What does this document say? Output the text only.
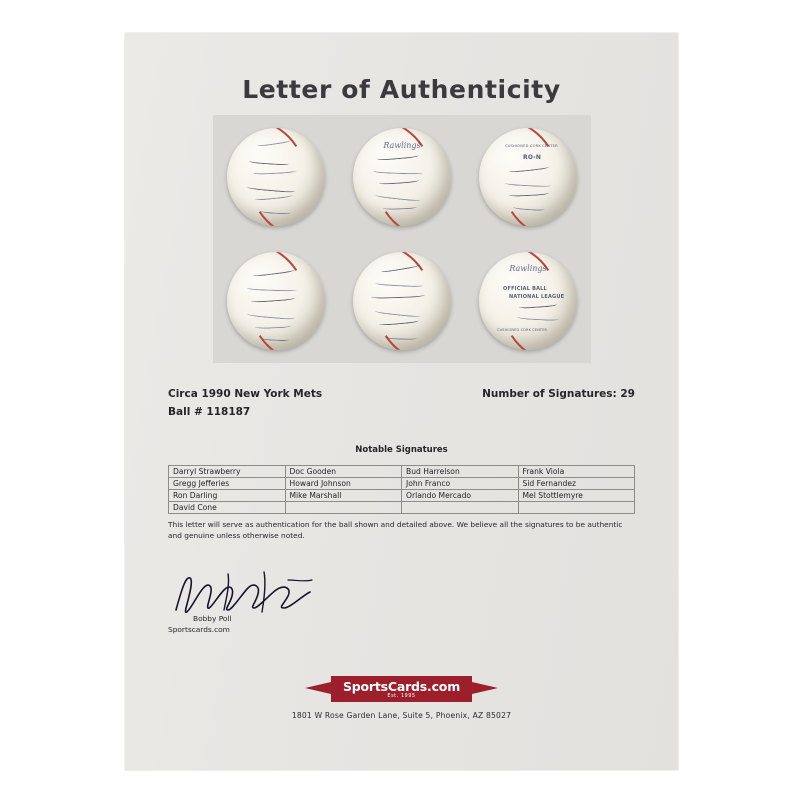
Letter of Authenticity
Rawlings	CUSHIONED CORK CENTER
RO-N
Rawlings
OFFICIAL BALL
NATIONAL LEAGUE
CUSHIONED CORK CENTER
Circa 1990 New York Mets	Number of Signatures: 29
Ball # 118187
Notable Signatures
Darryl Strawberry	Doc Gooden	Bud Harrelson	Frank Viola
Gregg Jefferies	Howard Johnson	John Franco	Sid Fernandez
Ron Darling	Mike Marshall	Orlando Mercado	Mel Stottlemyre
David Cone			
This letter will serve as authentication for the ball shown and detailed above. We believe all the signatures to be authentic and genuine unless otherwise noted.
Bobby Poll
Sportscards.com
SportsCards.com
Est. 1995
1801 W Rose Garden Lane, Suite 5, Phoenix, AZ 85027
